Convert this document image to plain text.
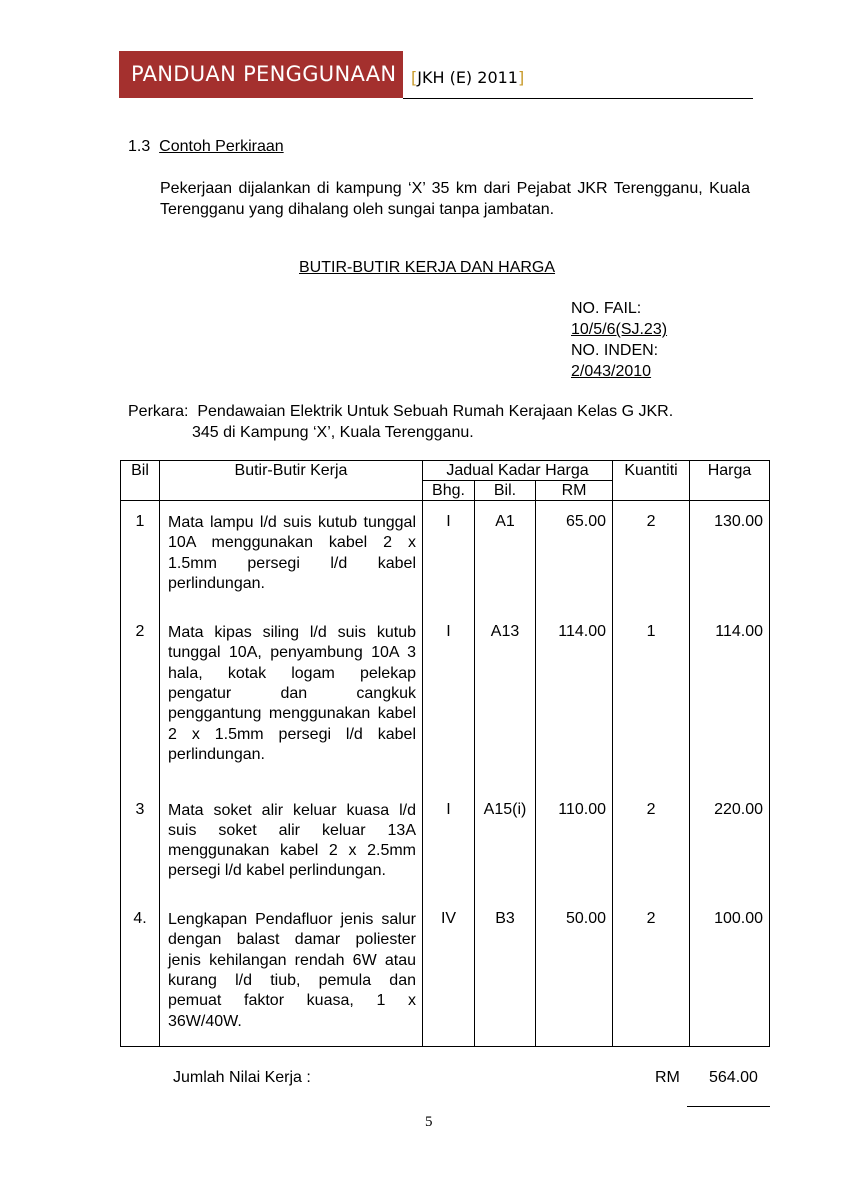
PANDUAN PENGGUNAAN [JKH (E) 2011]
1.3 Contoh Perkiraan
Pekerjaan dijalankan di kampung ‘X’ 35 km dari Pejabat JKR Terengganu, Kuala Terengganu yang dihalang oleh sungai tanpa jambatan.
BUTIR-BUTIR KERJA DAN HARGA
NO. FAIL:
10/5/6(SJ.23)
NO. INDEN:
2/043/2010
Perkara: Pendawaian Elektrik Untuk Sebuah Rumah Kerajaan Kelas G JKR.
345 di Kampung ‘X’, Kuala Terengganu.
Bil	Butir-Butir Kerja	Jadual Kadar Harga			Kuantiti	Harga
		Bhg.	Bil.	RM		

1	Mata lampu l/d suis kutub tunggal 10A menggunakan kabel 2 x 1.5mm persegi l/d kabel perlindungan.	I	A1	65.00	2	130.00

2	Mata kipas siling l/d suis kutub tunggal 10A, penyambung 10A 3 hala, kotak logam pelekap pengatur dan cangkuk penggantung menggunakan kabel 2 x 1.5mm persegi l/d kabel perlindungan.	I	A13	114.00	1	114.00

3	Mata soket alir keluar kuasa l/d suis soket alir keluar 13A menggunakan kabel 2 x 2.5mm persegi l/d kabel perlindungan.	I	A15(i)	110.00	2	220.00

4.	Lengkapan Pendafluor jenis salur dengan balast damar poliester jenis kehilangan rendah 6W atau kurang l/d tiub, pemula dan pemuat faktor kuasa, 1 x 36W/40W.	IV	B3	50.00	2	100.00

Jumlah Nilai Kerja :	RM 564.00
5
